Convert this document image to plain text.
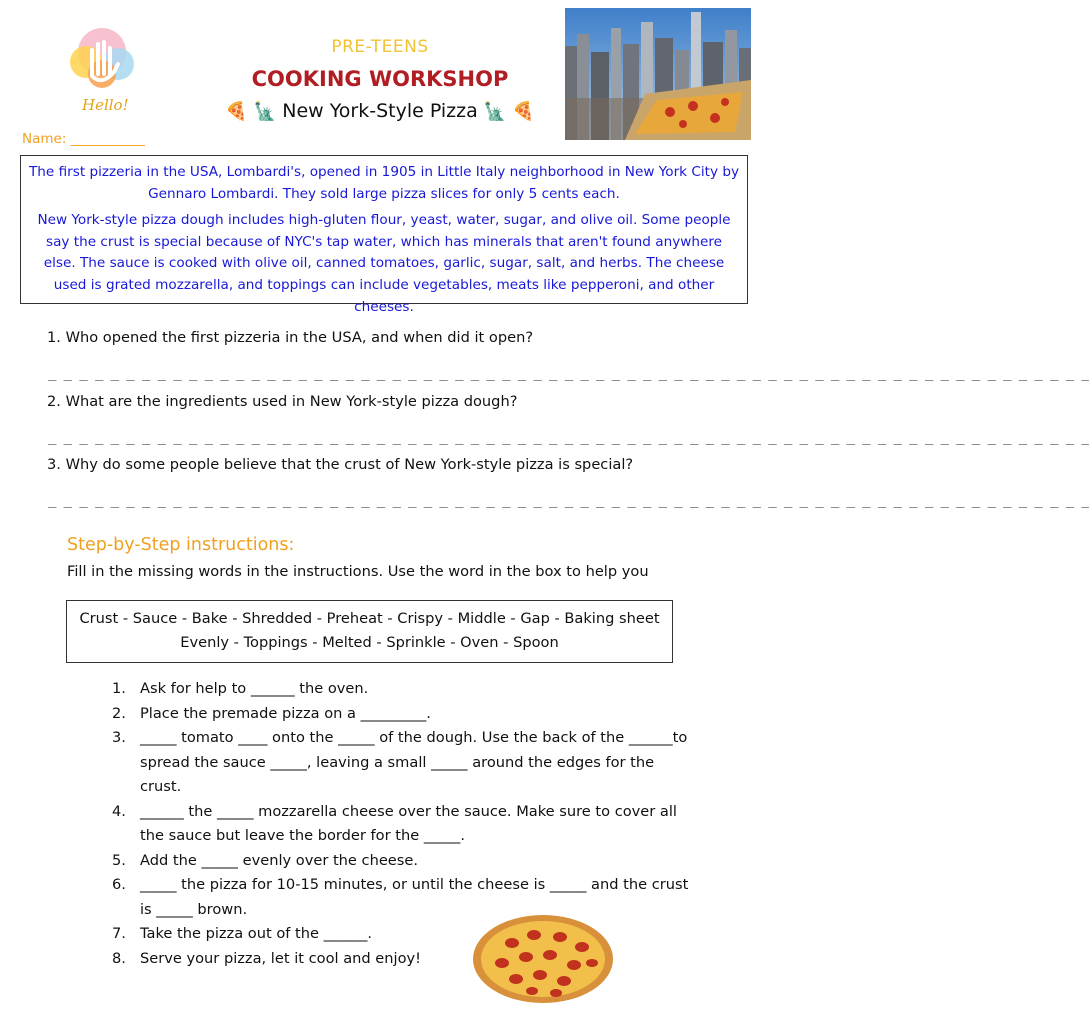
Hello!
PRE-TEENS
COOKING WORKSHOP
🍕 🗽 New York-Style Pizza 🗽 🍕
Name: ___________

The first pizzeria in the USA, Lombardi's, opened in 1905 in Little Italy neighborhood in New York City by Gennaro Lombardi. They sold large pizza slices for only 5 cents each.

New York-style pizza dough includes high-gluten flour, yeast, water, sugar, and olive oil. Some people say the crust is special because of NYC's tap water, which has minerals that aren't found anywhere else. The sauce is cooked with olive oil, canned tomatoes, garlic, sugar, salt, and herbs. The cheese used is grated mozzarella, and toppings can include vegetables, meats like pepperoni, and other cheeses.

1. Who opened the first pizzeria in the USA, and when did it open?
_ _ _ _ _ _ _ _ _ _ _ _ _ _ _ _ _ _ _ _ _ _ _ _ _ _ _ _ _ _ _ _ _ _ _ _ _ _ _ _ _ _ _ _ _ _ _ _ _ _ _ _ _ _ _ _ _ _ _ _ _ _ _ _ _ _ _
2. What are the ingredients used in New York-style pizza dough?
_ _ _ _ _ _ _ _ _ _ _ _ _ _ _ _ _ _ _ _ _ _ _ _ _ _ _ _ _ _ _ _ _ _ _ _ _ _ _ _ _ _ _ _ _ _ _ _ _ _ _ _ _ _ _ _ _ _ _ _ _ _ _ _ _ _ _
3. Why do some people believe that the crust of New York-style pizza is special?
_ _ _ _ _ _ _ _ _ _ _ _ _ _ _ _ _ _ _ _ _ _ _ _ _ _ _ _ _ _ _ _ _ _ _ _ _ _ _ _ _ _ _ _ _ _ _ _ _ _ _ _ _ _ _ _ _ _ _ _ _ _ _ _ _ _ _
Step-by-Step instructions:
Fill in the missing words in the instructions. Use the word in the box to help you
Crust - Sauce - Bake - Shredded - Preheat - Crispy - Middle - Gap - Baking sheet
Evenly - Toppings - Melted - Sprinkle - Oven - Spoon
1. Ask for help to ______ the oven.
2. Place the premade pizza on a _________.
3. _____ tomato ____ onto the _____ of the dough. Use the back of the ______to spread the sauce _____, leaving a small _____ around the edges for the crust.
4. ______ the _____ mozzarella cheese over the sauce. Make sure to cover all the sauce but leave the border for the _____.
5. Add the _____ evenly over the cheese.
6. _____ the pizza for 10-15 minutes, or until the cheese is _____ and the crust is _____ brown.
7. Take the pizza out of the ______.
8. Serve your pizza, let it cool and enjoy!
